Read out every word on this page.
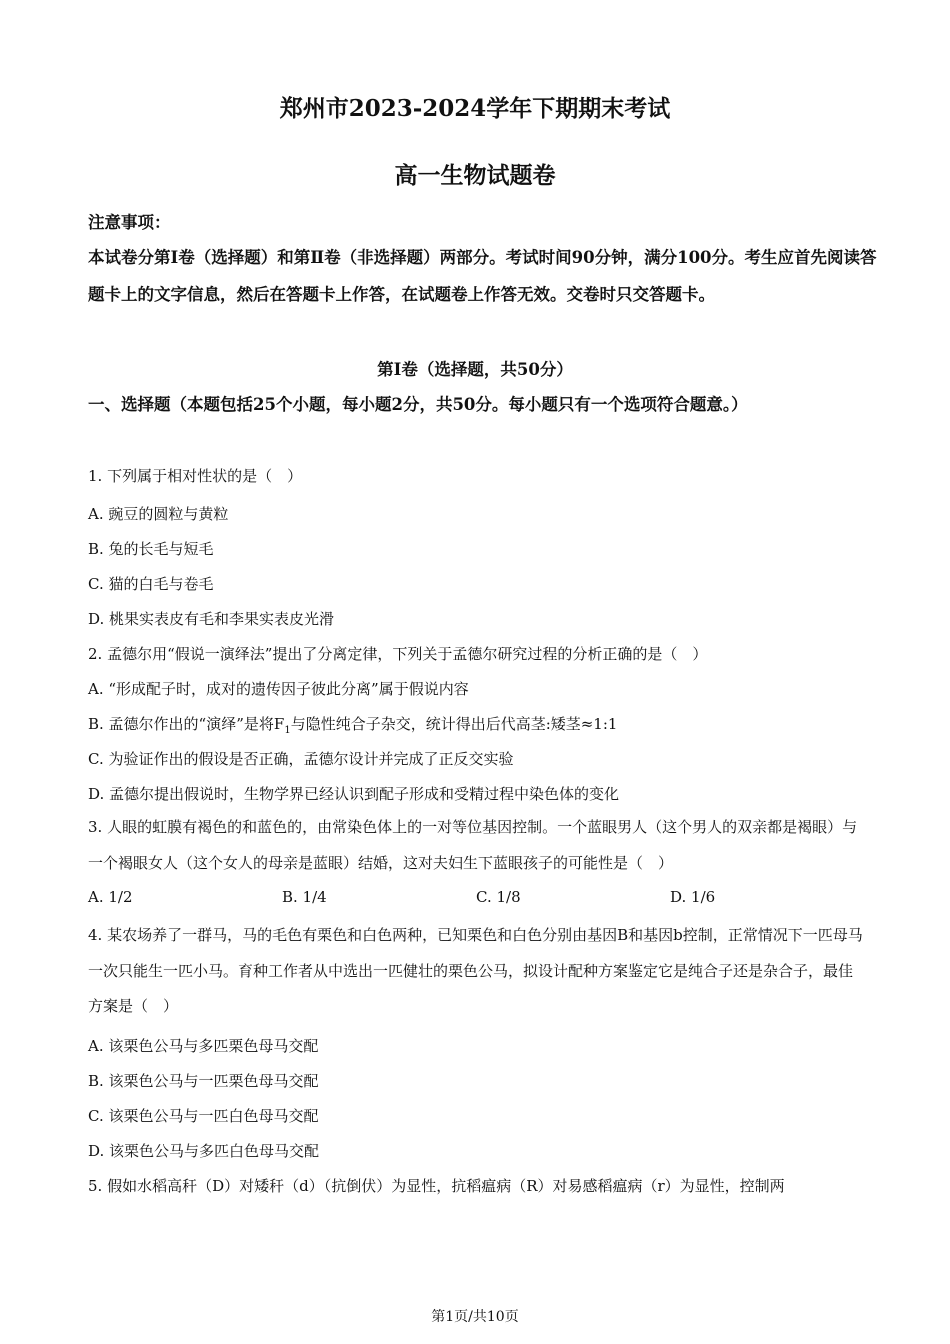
郑州市2023-2024学年下期期末考试
高一生物试题卷
注意事项：
本试卷分第Ⅰ卷（选择题）和第Ⅱ卷（非选择题）两部分。考试时间90分钟，满分100分。考生应首先阅读答题卡上的文字信息，然后在答题卡上作答，在试题卷上作答无效。交卷时只交答题卡。
第Ⅰ卷（选择题，共50分）
一、选择题（本题包括25个小题，每小题2分，共50分。每小题只有一个选项符合题意。）
1. 下列属于相对性状的是（　）
A. 豌豆的圆粒与黄粒
B. 兔的长毛与短毛
C. 猫的白毛与卷毛
D. 桃果实表皮有毛和李果实表皮光滑
2. 孟德尔用“假说一演绎法”提出了分离定律，下列关于孟德尔研究过程的分析正确的是（　）
A. “形成配子时，成对的遗传因子彼此分离”属于假说内容
B. 孟德尔作出的“演绎”是将$F_1$与隐性纯合子杂交，统计得出后代高茎:矮茎≈1:1
C. 为验证作出的假设是否正确，孟德尔设计并完成了正反交实验
D. 孟德尔提出假说时，生物学界已经认识到配子形成和受精过程中染色体的变化
3. 人眼的虹膜有褐色的和蓝色的，由常染色体上的一对等位基因控制。一个蓝眼男人（这个男人的双亲都是褐眼）与一个褐眼女人（这个女人的母亲是蓝眼）结婚，这对夫妇生下蓝眼孩子的可能性是（　）
A. 1/2	B. 1/4	C. 1/8	D. 1/6
4. 某农场养了一群马，马的毛色有栗色和白色两种，已知栗色和白色分别由基因B和基因b控制，正常情况下一匹母马一次只能生一匹小马。育种工作者从中选出一匹健壮的栗色公马，拟设计配种方案鉴定它是纯合子还是杂合子，最佳方案是（　）
A. 该栗色公马与多匹栗色母马交配
B. 该栗色公马与一匹栗色母马交配
C. 该栗色公马与一匹白色母马交配
D. 该栗色公马与多匹白色母马交配
5. 假如水稻高秆（D）对矮秆（d）（抗倒伏）为显性，抗稻瘟病（R）对易感稻瘟病（r）为显性，控制两
第1页/共10页
